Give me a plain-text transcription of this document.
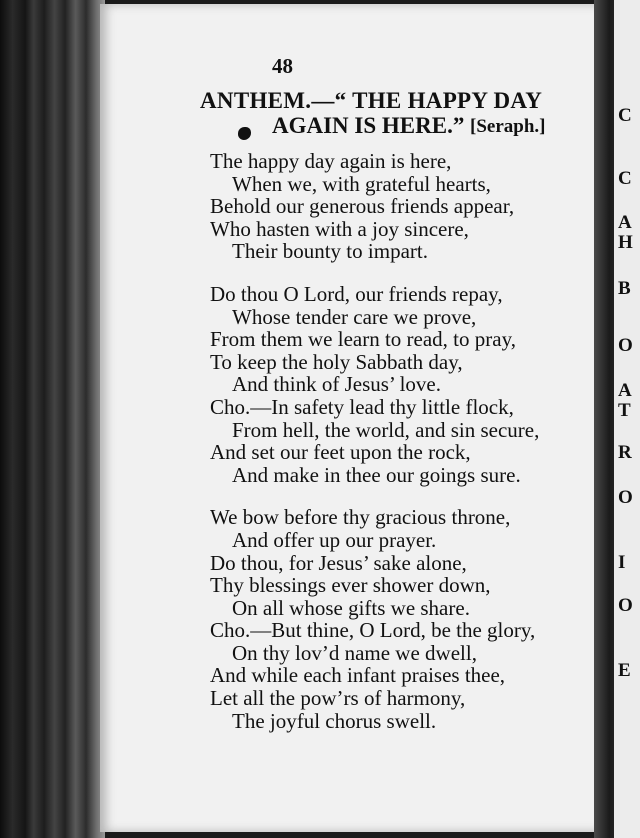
C
C
A
H
B
O
A
T
R
O
I
O
E
48
ANTHEM.—“ THE HAPPY DAY
AGAIN IS HERE.” [Seraph.]
The happy day again is here,
When we, with grateful hearts,
Behold our generous friends appear,
Who hasten with a joy sincere,
Their bounty to impart.
Do thou O Lord, our friends repay,
Whose tender care we prove,
From them we learn to read, to pray,
To keep the holy Sabbath day,
And think of Jesus’ love.
Cho.—In safety lead thy little flock,
From hell, the world, and sin secure,
And set our feet upon the rock,
And make in thee our goings sure.
We bow before thy gracious throne,
And offer up our prayer.
Do thou, for Jesus’ sake alone,
Thy blessings ever shower down,
On all whose gifts we share.
Cho.—But thine, O Lord, be the glory,
On thy lov’d name we dwell,
And while each infant praises thee,
Let all the pow’rs of harmony,
The joyful chorus swell.
